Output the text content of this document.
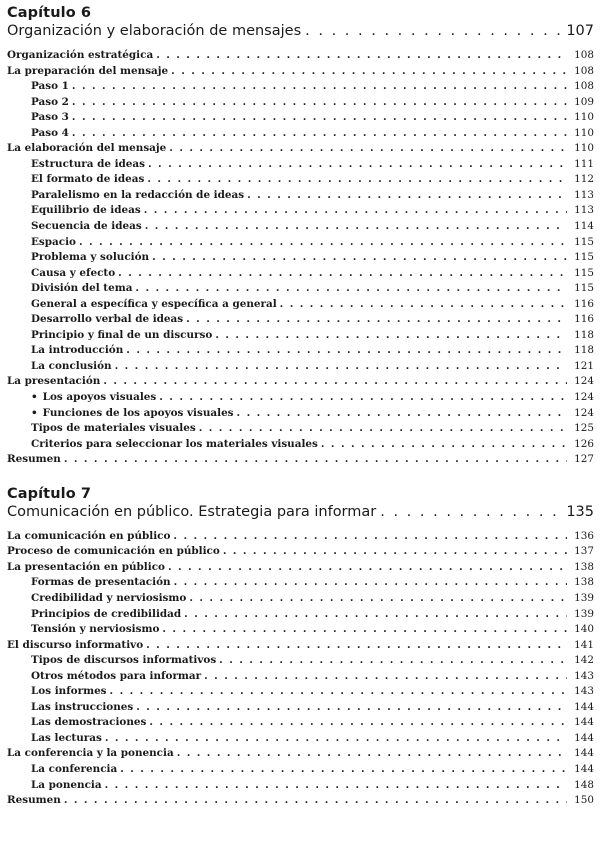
Capítulo 6
Organización y elaboración de mensajes . . .	107
Organización estratégica . . .	108
La preparación del mensaje . . .	108
Paso 1 . . .	108
Paso 2 . . .	109
Paso 3 . . .	110
Paso 4 . . .	110
La elaboración del mensaje . . .	110
Estructura de ideas . . .	111
El formato de ideas . . .	112
Paralelismo en la redacción de ideas . . .	113
Equilibrio de ideas . . .	113
Secuencia de ideas . . .	114
Espacio . . .	115
Problema y solución . . .	115
Causa y efecto . . .	115
División del tema . . .	115
General a específica y específica a general . . .	116
Desarrollo verbal de ideas . . .	116
Principio y final de un discurso . . .	118
La introducción . . .	118
La conclusión . . .	121
La presentación . . .	124
• Los apoyos visuales . . .	124
• Funciones de los apoyos visuales . . .	124
Tipos de materiales visuales . . .	125
Criterios para seleccionar los materiales visuales . . .	126
Resumen . . .	127
Capítulo 7
Comunicación en público. Estrategia para informar . . .	135
La comunicación en público . . .	136
Proceso de comunicación en público . . .	137
La presentación en público . . .	138
Formas de presentación . . .	138
Credibilidad y nerviosismo . . .	139
Principios de credibilidad . . .	139
Tensión y nerviosismo . . .	140
El discurso informativo . . .	141
Tipos de discursos informativos . . .	142
Otros métodos para informar . . .	143
Los informes . . .	143
Las instrucciones . . .	144
Las demostraciones . . .	144
Las lecturas . . .	144
La conferencia y la ponencia . . .	144
La conferencia . . .	144
La ponencia . . .	148
Resumen . . .	150
